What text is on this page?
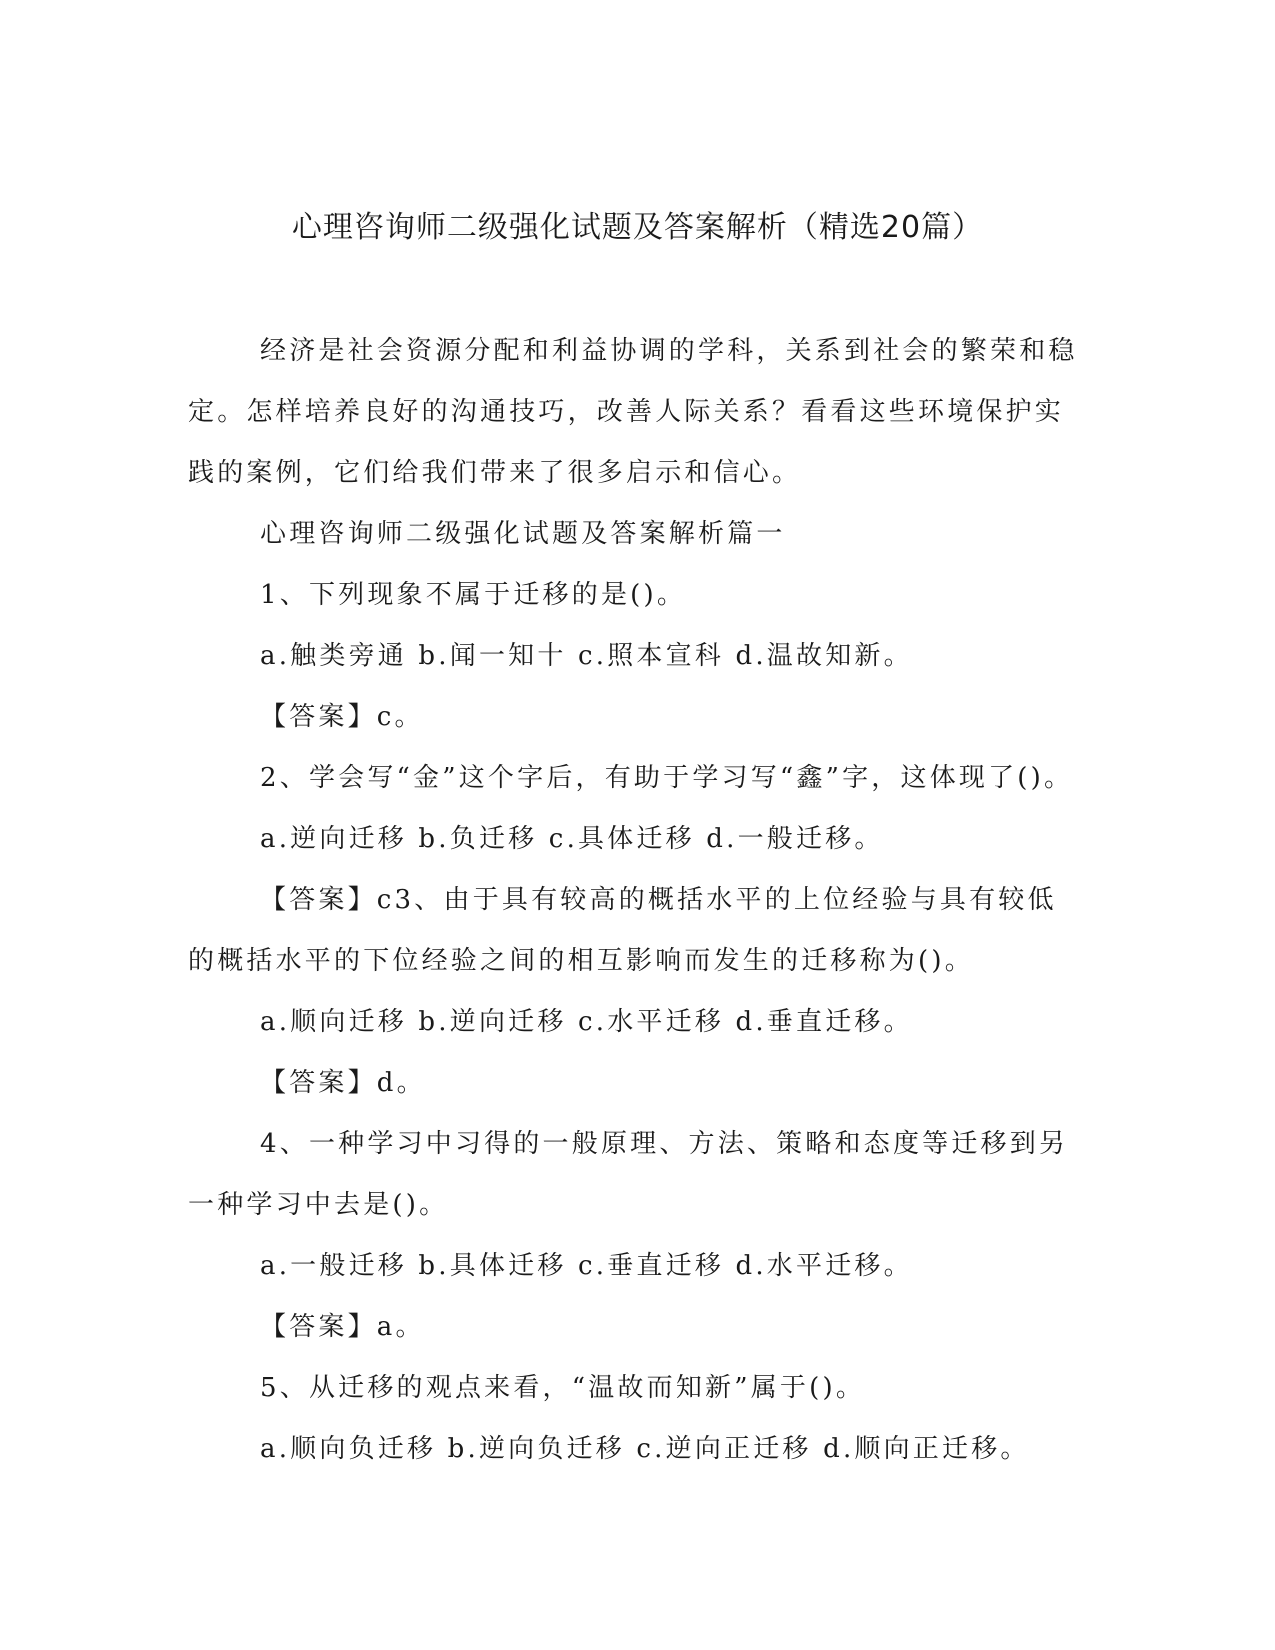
心理咨询师二级强化试题及答案解析（精选20篇）

经济是社会资源分配和利益协调的学科，关系到社会的繁荣和稳定。怎样培养良好的沟通技巧，改善人际关系？看看这些环境保护实践的案例，它们给我们带来了很多启示和信心。

心理咨询师二级强化试题及答案解析篇一

1、下列现象不属于迁移的是()。

a.触类旁通 b.闻一知十 c.照本宣科 d.温故知新。

【答案】c。

2、学会写“金”这个字后，有助于学习写“鑫”字，这体现了()。

a.逆向迁移 b.负迁移 c.具体迁移 d.一般迁移。

【答案】c3、由于具有较高的概括水平的上位经验与具有较低的概括水平的下位经验之间的相互影响而发生的迁移称为()。

a.顺向迁移 b.逆向迁移 c.水平迁移 d.垂直迁移。

【答案】d。

4、一种学习中习得的一般原理、方法、策略和态度等迁移到另一种学习中去是()。

a.一般迁移 b.具体迁移 c.垂直迁移 d.水平迁移。

【答案】a。

5、从迁移的观点来看，“温故而知新”属于()。

a.顺向负迁移 b.逆向负迁移 c.逆向正迁移 d.顺向正迁移。
